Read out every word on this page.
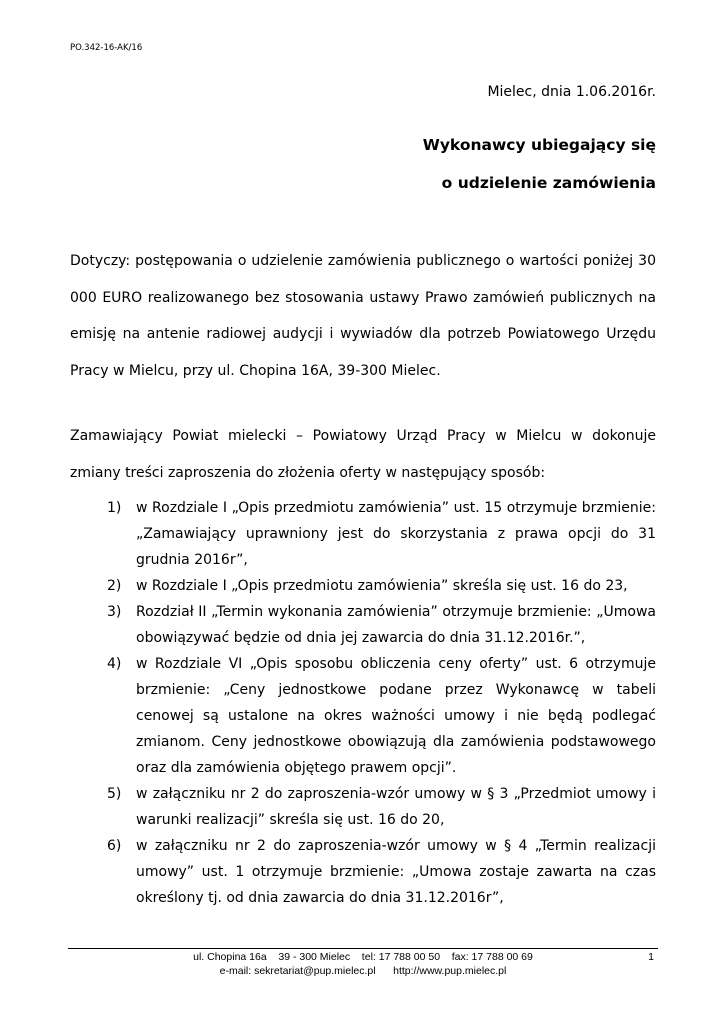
PO.342-16-AK/16
Mielec, dnia 1.06.2016r.
Wykonawcy ubiegający się
o udzielenie zamówienia
Dotyczy: postępowania o udzielenie zamówienia publicznego o wartości poniżej 30 000 EURO realizowanego bez stosowania ustawy Prawo zamówień publicznych na emisję na antenie radiowej audycji i wywiadów dla potrzeb Powiatowego Urzędu Pracy w Mielcu, przy ul. Chopina 16A, 39-300 Mielec.
Zamawiający Powiat mielecki – Powiatowy Urząd Pracy w Mielcu w dokonuje zmiany treści zaproszenia do złożenia oferty w następujący sposób:
1) w Rozdziale I „Opis przedmiotu zamówienia” ust. 15 otrzymuje brzmienie: „Zamawiający uprawniony jest do skorzystania z prawa opcji do 31 grudnia 2016r”,
2) w Rozdziale I „Opis przedmiotu zamówienia” skreśla się ust. 16 do 23,
3) Rozdział II „Termin wykonania zamówienia” otrzymuje brzmienie: „Umowa obowiązywać będzie od dnia jej zawarcia do dnia 31.12.2016r.”,
4) w Rozdziale VI „Opis sposobu obliczenia ceny oferty” ust. 6 otrzymuje brzmienie: „Ceny jednostkowe podane przez Wykonawcę w tabeli cenowej są ustalone na okres ważności umowy i nie będą podlegać zmianom. Ceny jednostkowe obowiązują dla zamówienia podstawowego oraz dla zamówienia objętego prawem opcji”.
5) w załączniku nr 2 do zaproszenia-wzór umowy w § 3 „Przedmiot umowy i warunki realizacji” skreśla się ust. 16 do 20,
6) w załączniku nr 2 do zaproszenia-wzór umowy w § 4 „Termin realizacji umowy” ust. 1 otrzymuje brzmienie: „Umowa zostaje zawarta na czas określony tj. od dnia zawarcia do dnia 31.12.2016r”,
ul. Chopina 16a    39 - 300 Mielec    tel: 17 788 00 50    fax: 17 788 00 69
e-mail: sekretariat@pup.mielec.pl      http://www.pup.mielec.pl
1
